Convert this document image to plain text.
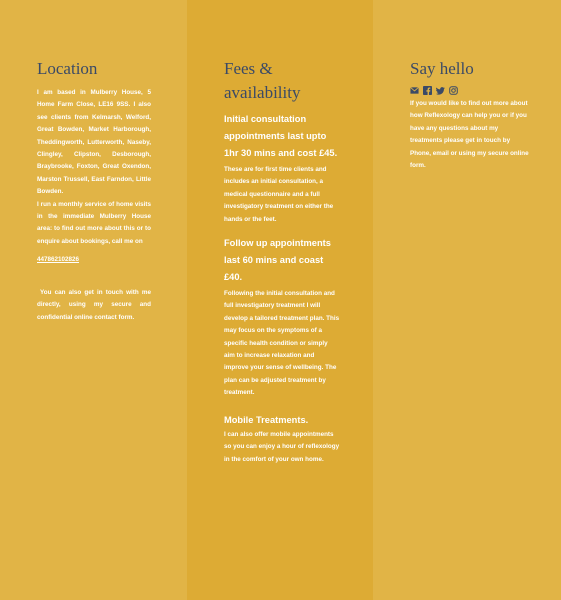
Location

I am based in Mulberry House, 5 Home Farm Close, LE16 9SS. I also see clients from Kelmarsh, Welford, Great Bowden, Market Harborough, Theddingworth, Lutterworth, Naseby, Clingley, Clipston, Desborough, Braybrooke, Foxton, Great Oxendon, Marston Trussell, East Farndon, Little Bowden.

I run a monthly service of home visits in the immediate Mulberry House area: to find out more about this or to enquire about bookings, call me on

447862102826

You can also get in touch with me directly, using my secure and confidential online contact form.

Fees & availability

Initial consultation appointments last upto 1hr 30 mins and cost £45.

These are for first time clients and includes an initial consultation, a medical questionnaire and a full investigatory treatment on either the hands or the feet.

Follow up appointments last 60 mins and coast £40.

Following the initial consultation and full investigatory treatment I will develop a tailored treatment plan. This may focus on the symptoms of a specific health condition or simply aim to increase relaxation and improve your sense of wellbeing. The plan can be adjusted treatment by treatment.

Mobile Treatments.

I can also offer mobile appointments so you can enjoy a hour of reflexology in the comfort of your own home.

Say hello

If you would like to find out more about how Reflexology can help you or if you have any questions about my treatments please get in touch by Phone, email or using my secure online form.
